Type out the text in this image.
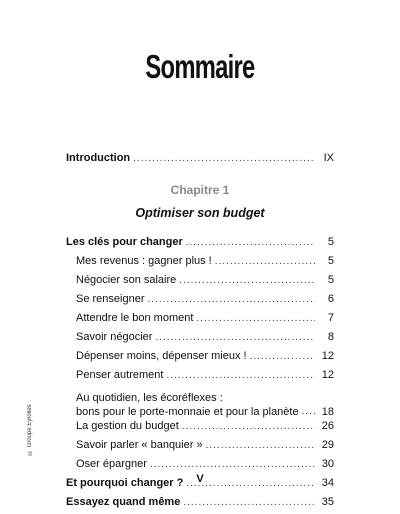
Sommaire
Introduction .....	IX
Chapitre 1
Optimiser son budget
Les clés pour changer .....	5
Mes revenus : gagner plus ! .....	5
Négocier son salaire .....	5
Se renseigner .....	6
Attendre le bon moment .....	7
Savoir négocier .....	8
Dépenser moins, dépenser mieux ! .....	12
Penser autrement .....	12
Au quotidien, les écoréflexes :
bons pour le porte-monnaie et pour la planète .....	18
La gestion du budget .....	26
Savoir parler « banquier » .....	29
Oser épargner .....	30
Et pourquoi changer ? .....	34
Essayez quand même .....	35
© Groupe Eyrolles
V
